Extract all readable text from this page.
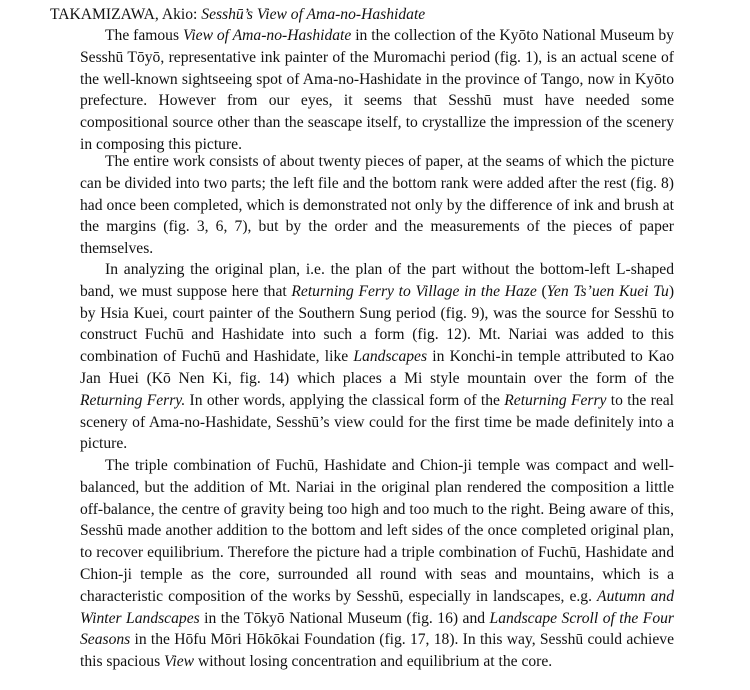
TAKAMIZAWA, Akio: Sesshū’s View of Ama-no-Hashidate

The famous View of Ama-no-Hashidate in the collection of the Kyōto National Museum by Sesshū Tōyō, representative ink painter of the Muromachi period (fig. 1), is an actual scene of the well-known sightseeing spot of Ama-no-Hashidate in the province of Tango, now in Kyōto prefecture. However from our eyes, it seems that Sesshū must have needed some compositional source other than the seascape itself, to crystallize the impression of the scenery in composing this picture.

The entire work consists of about twenty pieces of paper, at the seams of which the picture can be divided into two parts; the left file and the bottom rank were added after the rest (fig. 8) had once been completed, which is demonstrated not only by the difference of ink and brush at the margins (fig. 3, 6, 7), but by the order and the measurements of the pieces of paper themselves.

In analyzing the original plan, i.e. the plan of the part without the bottom-left L-shaped band, we must suppose here that Returning Ferry to Village in the Haze (Yen Ts’uen Kuei Tu) by Hsia Kuei, court painter of the Southern Sung period (fig. 9), was the source for Sesshū to construct Fuchū and Hashidate into such a form (fig. 12). Mt. Nariai was added to this combination of Fuchū and Hashidate, like Landscapes in Konchi-in temple attributed to Kao Jan Huei (Kō Nen Ki, fig. 14) which places a Mi style mountain over the form of the Returning Ferry. In other words, applying the classical form of the Returning Ferry to the real scenery of Ama-no-Hashidate, Sesshū’s view could for the first time be made definitely into a picture.

The triple combination of Fuchū, Hashidate and Chion-ji temple was compact and well-balanced, but the addition of Mt. Nariai in the original plan rendered the composition a little off-balance, the centre of gravity being too high and too much to the right. Being aware of this, Sesshū made another addition to the bottom and left sides of the once completed original plan, to recover equilibrium. Therefore the picture had a triple combination of Fuchū, Hashidate and Chion-ji temple as the core, surrounded all round with seas and mountains, which is a characteristic composition of the works by Sesshū, especially in landscapes, e.g. Autumn and Winter Landscapes in the Tōkyō National Museum (fig. 16) and Landscape Scroll of the Four Seasons in the Hōfu Mōri Hōkōkai Foundation (fig. 17, 18). In this way, Sesshū could achieve this spacious View without losing concentration and equilibrium at the core.
